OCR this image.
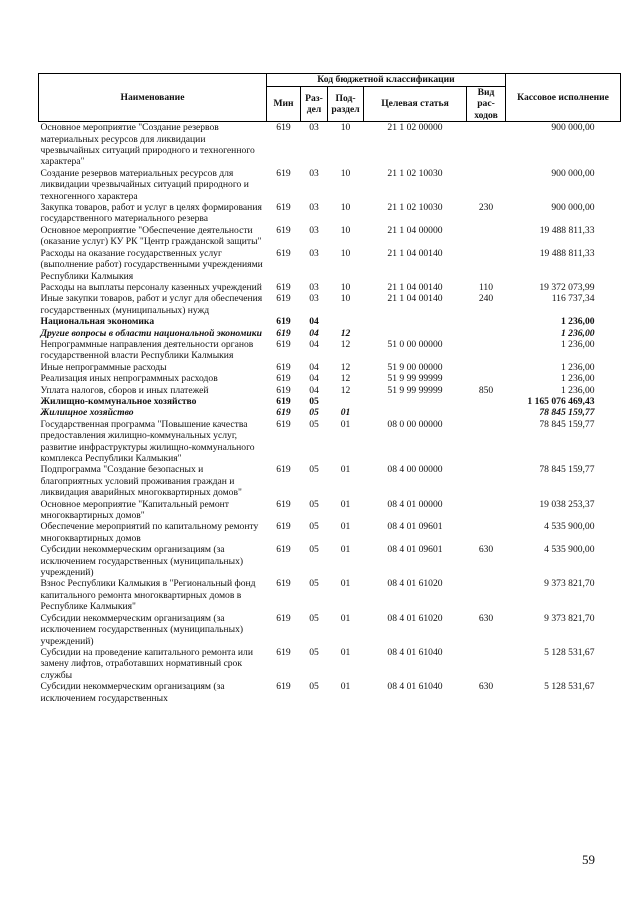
Наименование	Код бюджетной классификации					Кассовое исполнение
	Мин	Раз-дел	Под-раздел	Целевая статья	Вид рас-ходов	
Основное мероприятие "Создание резервов материальных ресурсов для ликвидации чрезвычайных ситуаций природного и техногенного характера"	619	03	10	21 1 02 00000		900 000,00
Создание резервов материальных ресурсов для ликвидации чрезвычайных ситуаций природного и техногенного характера	619	03	10	21 1 02 10030		900 000,00
Закупка товаров, работ и услуг в целях формирования государственного материального резерва	619	03	10	21 1 02 10030	230	900 000,00
Основное мероприятие "Обеспечение деятельности (оказание услуг) КУ РК "Центр гражданской защиты"	619	03	10	21 1 04 00000		19 488 811,33
Расходы на оказание государственных услуг (выполнение работ) государственными учреждениями Республики Калмыкия	619	03	10	21 1 04 00140		19 488 811,33
Расходы на выплаты персоналу казенных учреждений	619	03	10	21 1 04 00140	110	19 372 073,99
Иные закупки товаров, работ и услуг для обеспечения государственных (муниципальных) нужд	619	03	10	21 1 04 00140	240	116 737,34
Национальная экономика	619	04				1 236,00
Другие вопросы в области национальной экономики	619	04	12			1 236,00
Непрограммные направления деятельности органов государственной власти Республики Калмыкия	619	04	12	51 0 00 00000		1 236,00
Иные непрограммные расходы	619	04	12	51 9 00 00000		1 236,00
Реализация иных непрограммных расходов	619	04	12	51 9 99 99999		1 236,00
Уплата налогов, сборов и иных платежей	619	04	12	51 9 99 99999	850	1 236,00
Жилищно-коммунальное хозяйство	619	05				1 165 076 469,43
Жилищное хозяйство	619	05	01			78 845 159,77
Государственная программа "Повышение качества предоставления жилищно-коммунальных услуг, развитие инфраструктуры жилищно-коммунального комплекса Республики Калмыкия"	619	05	01	08 0 00 00000		78 845 159,77
Подпрограмма "Создание безопасных и благоприятных условий проживания граждан и ликвидация аварийных многоквартирных домов"	619	05	01	08 4 00 00000		78 845 159,77
Основное мероприятие "Капитальный ремонт многоквартирных домов"	619	05	01	08 4 01 00000		19 038 253,37
Обеспечение мероприятий по капитальному ремонту многоквартирных домов	619	05	01	08 4 01 09601		4 535 900,00
Субсидии некоммерческим организациям (за исключением государственных (муниципальных) учреждений)	619	05	01	08 4 01 09601	630	4 535 900,00
Взнос Республики Калмыкия в "Региональный фонд капитального ремонта многоквартирных домов в Республике Калмыкия"	619	05	01	08 4 01 61020		9 373 821,70
Субсидии некоммерческим организациям (за исключением государственных (муниципальных) учреждений)	619	05	01	08 4 01 61020	630	9 373 821,70
Субсидии на проведение капитального ремонта или замену лифтов, отработавших нормативный срок службы	619	05	01	08 4 01 61040		5 128 531,67
Субсидии некоммерческим организациям (за исключением государственных	619	05	01	08 4 01 61040	630	5 128 531,67
59
